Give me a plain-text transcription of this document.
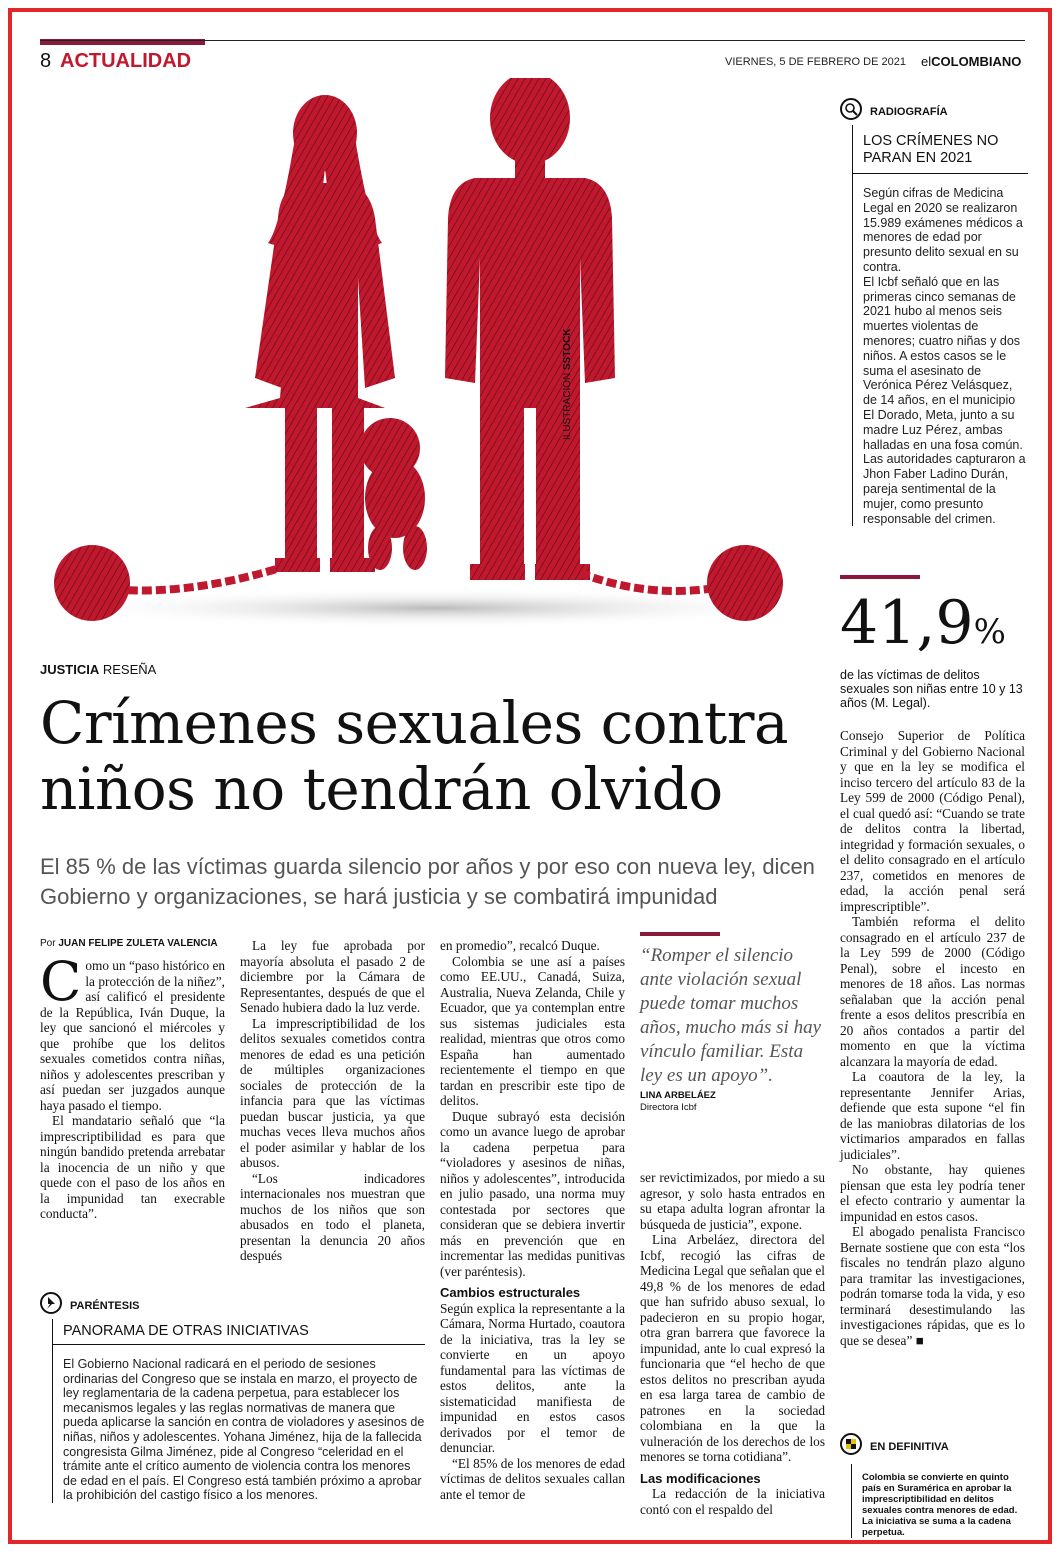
8 ACTUALIDAD	VIERNES, 5 DE FEBRERO DE 2021 elCOLOMBIANO
ILUSTRACIÓN SSTOCK
JUSTICIA RESEÑA
Crímenes sexuales contra niños no tendrán olvido
El 85 % de las víctimas guarda silencio por años y por eso con nueva ley, dicen Gobierno y organizaciones, se hará justicia y se combatirá impunidad
Por JUAN FELIPE ZULETA VALENCIA

Como un “paso histórico en la protección de la niñez”, así calificó el presidente de la República, Iván Duque, la ley que sancionó el miércoles y que prohíbe que los delitos sexuales cometidos contra niñas, niños y adolescentes prescriban y así puedan ser juzgados aunque haya pasado el tiempo.

El mandatario señaló que “la imprescriptibilidad es para que ningún bandido pretenda arrebatar la inocencia de un niño y que quede con el paso de los años en la impunidad tan execrable conducta”.

La ley fue aprobada por mayoría absoluta el pasado 2 de diciembre por la Cámara de Representantes, después de que el Senado hubiera dado la luz verde.

La imprescriptibilidad de los delitos sexuales cometidos contra menores de edad es una petición de múltiples organizaciones sociales de protección de la infancia para que las víctimas puedan buscar justicia, ya que muchas veces lleva muchos años el poder asimilar y hablar de los abusos.

“Los indicadores internacionales nos muestran que muchos de los niños que son abusados en todo el planeta, presentan la denuncia 20 años después

en promedio”, recalcó Duque.

Colombia se une así a países como EE.UU., Canadá, Suiza, Australia, Nueva Zelanda, Chile y Ecuador, que ya contemplan entre sus sistemas judiciales esta realidad, mientras que otros como España han aumentado recientemente el tiempo en que tardan en prescribir este tipo de delitos.

Duque subrayó esta decisión como un avance luego de aprobar la cadena perpetua para “violadores y asesinos de niñas, niños y adolescentes”, introducida en julio pasado, una norma muy contestada por sectores que consideran que se debiera invertir más en prevención que en incrementar las medidas punitivas (ver paréntesis).

Cambios estructurales

Según explica la representante a la Cámara, Norma Hurtado, coautora de la iniciativa, tras la ley se convierte en un apoyo fundamental para las víctimas de estos delitos, ante la sistematicidad manifiesta de impunidad en estos casos derivados por el temor de denunciar.

“El 85% de los menores de edad víctimas de delitos sexuales callan ante el temor de

“Romper el silencio ante violación sexual puede tomar muchos años, mucho más si hay vínculo familiar. Esta ley es un apoyo”.
LINA ARBELÁEZ
Directora Icbf

ser revictimizados, por miedo a su agresor, y solo hasta entrados en su etapa adulta logran afrontar la búsqueda de justicia”, expone.

Lina Arbeláez, directora del Icbf, recogió las cifras de Medicina Legal que señalan que el 49,8 % de los menores de edad que han sufrido abuso sexual, lo padecieron en su propio hogar, otra gran barrera que favorece la impunidad, ante lo cual expresó la funcionaria que “el hecho de que estos delitos no prescriban ayuda en esa larga tarea de cambio de patrones en la sociedad colombiana en la que la vulneración de los derechos de los menores se torna cotidiana”.

Las modificaciones

La redacción de la iniciativa contó con el respaldo del

RADIOGRAFÍA
LOS CRÍMENES NO PARAN EN 2021
Según cifras de Medicina Legal en 2020 se realizaron 15.989 exámenes médicos a menores de edad por presunto delito sexual en su contra.
El Icbf señaló que en las primeras cinco semanas de 2021 hubo al menos seis muertes violentas de menores; cuatro niñas y dos niños. A estos casos se le suma el asesinato de Verónica Pérez Velásquez, de 14 años, en el municipio El Dorado, Meta, junto a su madre Luz Pérez, ambas halladas en una fosa común. Las autoridades capturaron a Jhon Faber Ladino Durán, pareja sentimental de la mujer, como presunto responsable del crimen.
41,9%
de las víctimas de delitos sexuales son niñas entre 10 y 13 años (M. Legal).

Consejo Superior de Política Criminal y del Gobierno Nacional y que en la ley se modifica el inciso tercero del artículo 83 de la Ley 599 de 2000 (Código Penal), el cual quedó así: “Cuando se trate de delitos contra la libertad, integridad y formación sexuales, o el delito consagrado en el artículo 237, cometidos en menores de edad, la acción penal será imprescriptible”.

También reforma el delito consagrado en el artículo 237 de la Ley 599 de 2000 (Código Penal), sobre el incesto en menores de 18 años. Las normas señalaban que la acción penal frente a esos delitos prescribía en 20 años contados a partir del momento en que la víctima alcanzara la mayoría de edad.

La coautora de la ley, la representante Jennifer Arias, defiende que esta supone “el fin de las maniobras dilatorias de los victimarios amparados en fallas judiciales”.

No obstante, hay quienes piensan que esta ley podría tener el efecto contrario y aumentar la impunidad en estos casos.

El abogado penalista Francisco Bernate sostiene que con esta “los fiscales no tendrán plazo alguno para tramitar las investigaciones, podrán tomarse toda la vida, y eso terminará desestimulando las investigaciones rápidas, que es lo que se desea” ■

PARÉNTESIS
PANORAMA DE OTRAS INICIATIVAS
El Gobierno Nacional radicará en el periodo de sesiones ordinarias del Congreso que se instala en marzo, el proyecto de ley reglamentaria de la cadena perpetua, para establecer los mecanismos legales y las reglas normativas de manera que pueda aplicarse la sanción en contra de violadores y asesinos de niñas, niños y adolescentes. Yohana Jiménez, hija de la fallecida congresista Gilma Jiménez, pide al Congreso “celeridad en el trámite ante el crítico aumento de violencia contra los menores de edad en el país. El Congreso está también próximo a aprobar la prohibición del castigo físico a los menores.
EN DEFINITIVA
Colombia se convierte en quinto país en Suramérica en aprobar la imprescriptibilidad en delitos sexuales contra menores de edad. La iniciativa se suma a la cadena perpetua.
